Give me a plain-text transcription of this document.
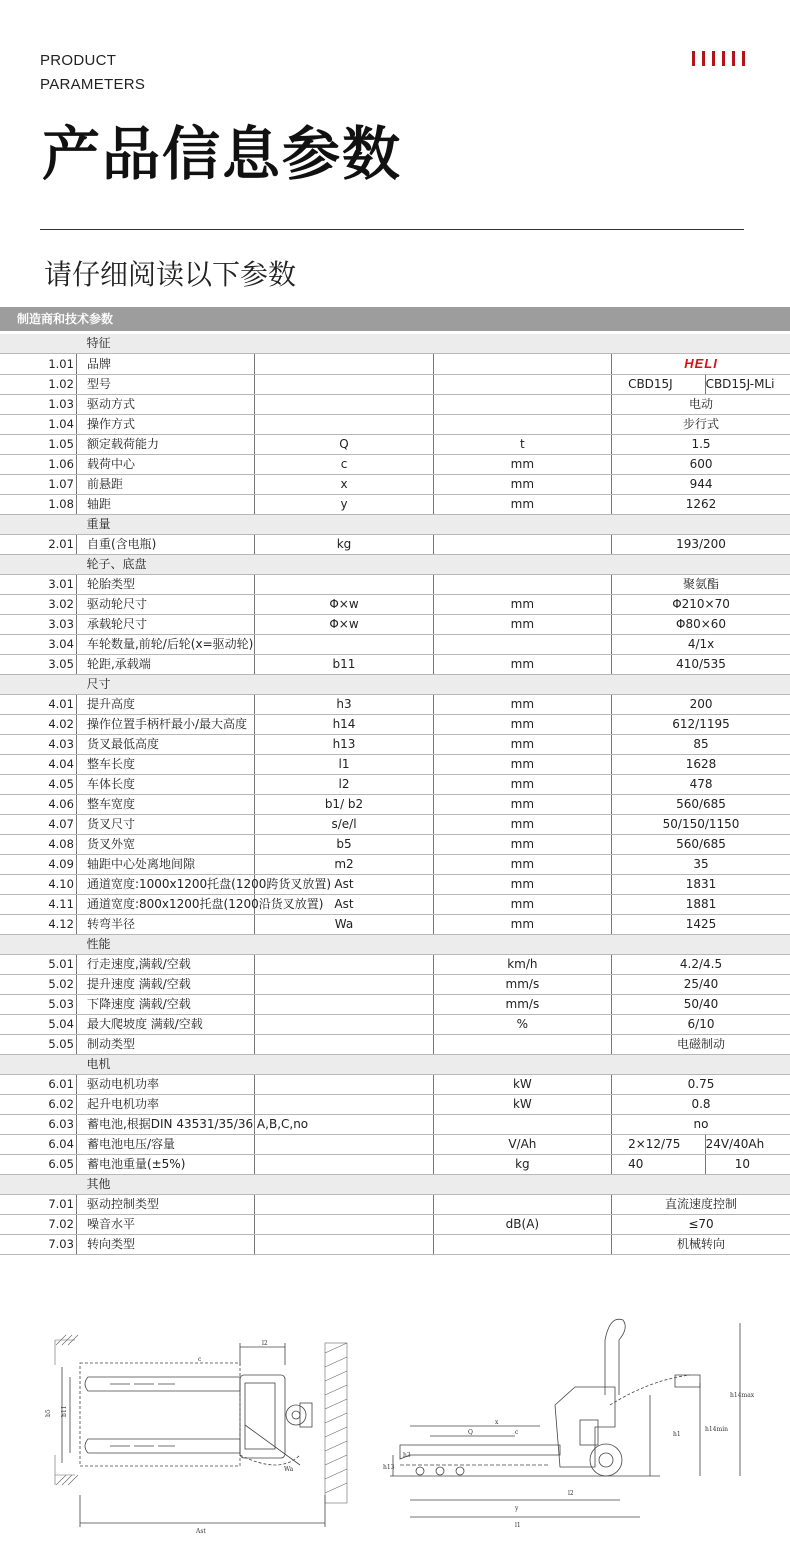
PRODUCT
PARAMETERS
产品信息参数
请仔细阅读以下参数
制造商和技术参数
	特征
1.01	品牌			HELI
1.02	型号				CBD15J	CBD15J-MLi

1.03	驱动方式			电动
1.04	操作方式			步行式
1.05	额定载荷能力	Q	t	1.5
1.06	载荷中心	c	mm	600
1.07	前悬距	x	mm	944
1.08	轴距	y	mm	1262
	重量
2.01	自重(含电瓶)	kg		193/200
	轮子、底盘
3.01	轮胎类型			聚氨酯
3.02	驱动轮尺寸	Φ×w	mm	Φ210×70
3.03	承载轮尺寸	Φ×w	mm	Φ80×60
3.04	车轮数量,前轮/后轮(x=驱动轮)			4/1x
3.05	轮距,承载端	b11	mm	410/535
	尺寸
4.01	提升高度	h3	mm	200
4.02	操作位置手柄杆最小/最大高度	h14	mm	612/1195
4.03	货叉最低高度	h13	mm	85
4.04	整车长度	l1	mm	1628
4.05	车体长度	l2	mm	478
4.06	整车宽度	b1/ b2	mm	560/685
4.07	货叉尺寸	s/e/l	mm	50/150/1150
4.08	货叉外宽	b5	mm	560/685
4.09	轴距中心处离地间隙	m2	mm	35
4.10	通道宽度:1000x1200托盘(1200跨货叉放置)	Ast	mm	1831
4.11	通道宽度:800x1200托盘(1200沿货叉放置)	Ast	mm	1881
4.12	转弯半径	Wa	mm	1425
	性能
5.01	行走速度,满载/空载		km/h	4.2/4.5
5.02	提升速度 满载/空载		mm/s	25/40
5.03	下降速度 满载/空载		mm/s	50/40
5.04	最大爬坡度 满载/空载		%	6/10
5.05	制动类型			电磁制动
	电机
6.01	驱动电机功率		kW	0.75
6.02	起升电机功率		kW	0.8
6.03	蓄电池,根据DIN 43531/35/36 A,B,C,no			no
6.04	蓄电池电压/容量		V/Ah		2×12/75	24V/40Ah

6.05	蓄电池重量(±5%)		kg		40	10

	其他
7.01	驱动控制类型			直流速度控制
7.02	噪音水平		dB(A)	≤70
7.03	转向类型			机械转向
l2
b5 b11
Ast
Wa
c
h14max
h14min
h1
x
Q	c
h13
h3
l2
y
l1
